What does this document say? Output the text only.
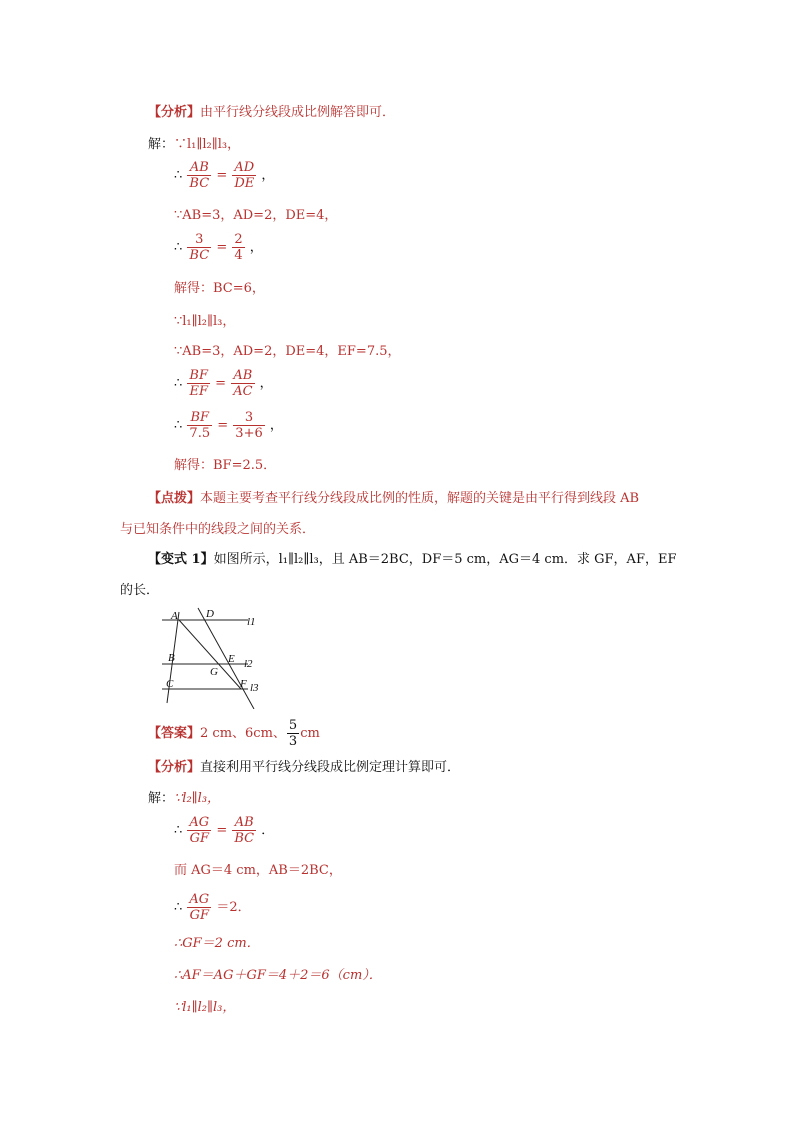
【分析】由平行线分线段成比例解答即可．
解：∵l₁∥l₂∥l₃，
∴ $\frac{AB}{BC} = \frac{AD}{DE}$ ，
∵AB=3，AD=2，DE=4，
∴ $\frac{3}{BC} = \frac{2}{4}$ ，
解得：BC=6，
∵l₁∥l₂∥l₃，
∵AB=3，AD=2，DE=4，EF=7.5，
∴ $\frac{BF}{EF} = \frac{AB}{AC}$ ，
∴ $\frac{BF}{7.5} = \frac{3}{3+6}$ ，
解得：BF=2.5．
【点拨】本题主要考查平行线分线段成比例的性质，解题的关键是由平行得到线段 AB
与已知条件中的线段之间的关系．
【变式 1】如图所示，l₁∥l₂∥l₃，且 AB＝2BC，DF＝5 cm，AG＝4 cm．求 GF，AF，EF
的长．
A	D
l1
B	E l2
G
C	F l3
【答案】2 cm、6cm、 $\frac{5}{3}$ cm
【分析】直接利用平行线分线段成比例定理计算即可．
解：∵l₂∥l₃，
∴ $\frac{AG}{GF} = \frac{AB}{BC}$ ．
而 AG＝4 cm，AB＝2BC，
∴ $\frac{AG}{GF} =2$．
∴GF＝2 cm．
∴AF＝AG＋GF＝4＋2＝6（cm）．
∵l₁∥l₂∥l₃，
